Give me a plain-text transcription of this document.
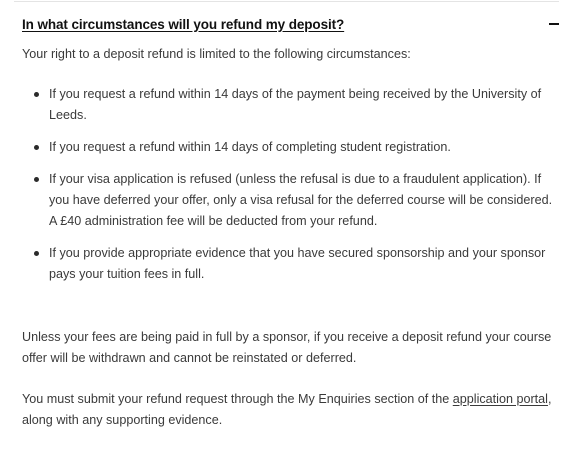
In what circumstances will you refund my deposit?

Your right to a deposit refund is limited to the following circumstances:

If you request a refund within 14 days of the payment being received by the University of Leeds.
If you request a refund within 14 days of completing student registration.
If your visa application is refused (unless the refusal is due to a fraudulent application). If you have deferred your offer, only a visa refusal for the deferred course will be considered. A £40 administration fee will be deducted from your refund.
If you provide appropriate evidence that you have secured sponsorship and your sponsor pays your tuition fees in full.

Unless your fees are being paid in full by a sponsor, if you receive a deposit refund your course offer will be withdrawn and cannot be reinstated or deferred.

You must submit your refund request through the My Enquiries section of the application portal, along with any supporting evidence.
